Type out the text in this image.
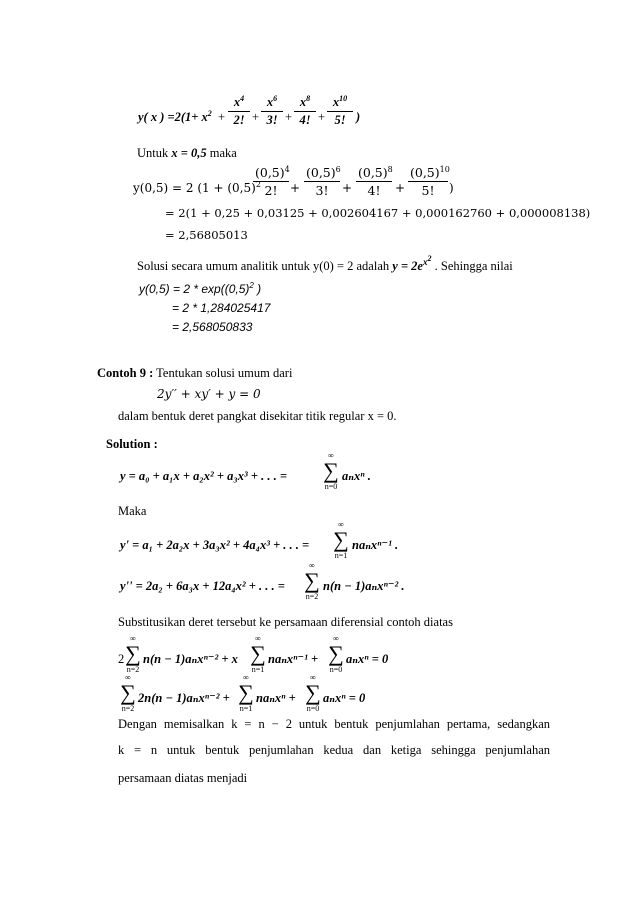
y( x ) $=2(1+ x^2$ +
$x^4$
2! +
$x^6$
3! +
$x^8$
4! +
$x^{10}$
5! )
Untuk x = 0,5 maka
y(0,5) = 2 ($1 + (0,5)^2$ +
$(0,5)^4$
2!
$(0,5)^6$
3!	+
$(0,5)^8$
4!	+
$(0,5)^{10}$
5!	)
= 2(1 + 0,25 + 0,03125 + 0,002604167 + 0,000162760 + 0,000008138)
= 2,56805013
Solusi secara umum analitik untuk y(0) = 2 adalah $y = 2e^{x2}$ . Sehingga nilai
$y(0,5) = 2 * \exp((0,5)^2$ )
= 2 * 1,284025417
= 2,568050833
Contoh 9 : Tentukan solusi umum dari
2y′′ + xy′ + y = 0
dalam bentuk deret pangkat disekitar titik regular x = 0.
Solution :
y = a₀ + a₁x + a₂x² + a₃x³ + . . . =
∞
∑
n=0
aₙxⁿ .
Maka
y' = a₁ + 2a₂x + 3a₃x² + 4a₄x³ + . . . =
∞
∑
n=1
naₙxⁿ⁻¹ .
y'' = 2a₂ + 6a₃x + 12a₄x² + . . . =
∞
∑
n=2
n(n − 1)aₙxⁿ⁻² .
Substitusikan deret tersebut ke persamaan diferensial contoh diatas
2
∞
∑
n=2
n(n − 1)aₙxⁿ⁻² + x
∞
∑
n=1
naₙxⁿ⁻¹ +
∞
∑
n=0
aₙxⁿ = 0
∞
∑
n=2
2n(n − 1)aₙxⁿ⁻² +
∞
∑
n=1
naₙxⁿ +
∞
∑
n=0
aₙxⁿ = 0
Dengan memisalkan k = n − 2 untuk bentuk penjumlahan pertama, sedangkan
k = n untuk bentuk penjumlahan kedua dan ketiga sehingga penjumlahan
persamaan diatas menjadi
